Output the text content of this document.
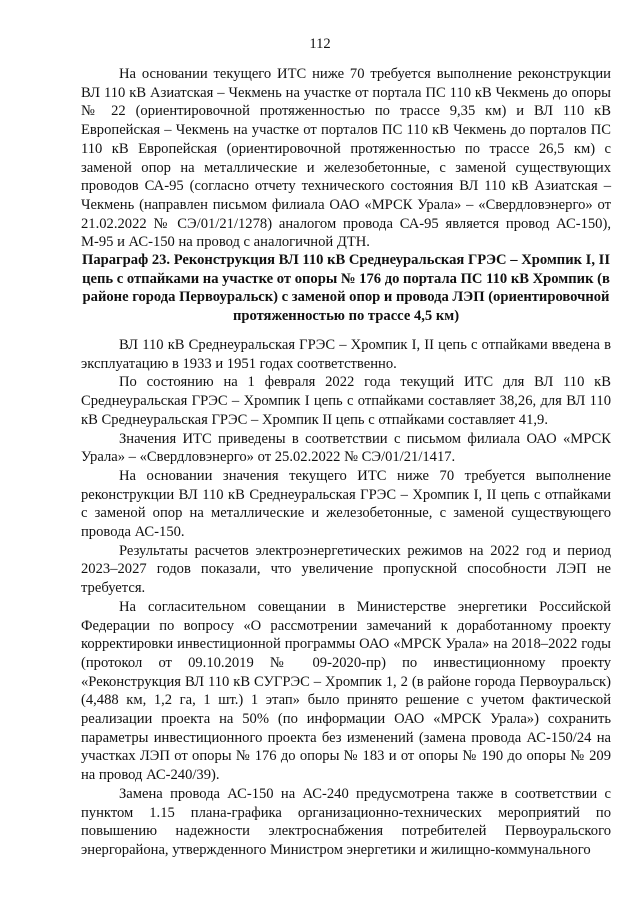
112

На основании текущего ИТС ниже 70 требуется выполнение реконструкции ВЛ 110 кВ Азиатская – Чекмень на участке от портала ПС 110 кВ Чекмень до опоры № 22 (ориентировочной протяженностью по трассе 9,35 км) и ВЛ 110 кВ Европейская – Чекмень на участке от порталов ПС 110 кВ Чекмень до порталов ПС 110 кВ Европейская (ориентировочной протяженностью по трассе 26,5 км) с заменой опор на металлические и железобетонные, с заменой существующих проводов СА-95 (согласно отчету технического состояния ВЛ 110 кВ Азиатская – Чекмень (направлен письмом филиала ОАО «МРСК Урала» – «Свердловэнерго» от 21.02.2022 № СЭ/01/21/1278) аналогом провода СА-95 является провод АС-150), М-95 и АС-150 на провод с аналогичной ДТН.

Параграф 23. Реконструкция ВЛ 110 кВ Среднеуральская ГРЭС – Хромпик I, II цепь с отпайками на участке от опоры № 176 до портала ПС 110 кВ Хромпик (в районе города Первоуральск) с заменой опор и провода ЛЭП (ориентировочной протяженностью по трассе 4,5 км)

ВЛ 110 кВ Среднеуральская ГРЭС – Хромпик I, II цепь с отпайками введена в эксплуатацию в 1933 и 1951 годах соответственно.

По состоянию на 1 февраля 2022 года текущий ИТС для ВЛ 110 кВ Среднеуральская ГРЭС – Хромпик I цепь с отпайками составляет 38,26, для ВЛ 110 кВ Среднеуральская ГРЭС – Хромпик II цепь с отпайками составляет 41,9.

Значения ИТС приведены в соответствии с письмом филиала ОАО «МРСК Урала» – «Свердловэнерго» от 25.02.2022 № СЭ/01/21/1417.

На основании значения текущего ИТС ниже 70 требуется выполнение реконструкции ВЛ 110 кВ Среднеуральская ГРЭС – Хромпик I, II цепь с отпайками с заменой опор на металлические и железобетонные, с заменой существующего провода АС-150.

Результаты расчетов электроэнергетических режимов на 2022 год и период 2023–2027 годов показали, что увеличение пропускной способности ЛЭП не требуется.

На согласительном совещании в Министерстве энергетики Российской Федерации по вопросу «О рассмотрении замечаний к доработанному проекту корректировки инвестиционной программы ОАО «МРСК Урала» на 2018–2022 годы (протокол от 09.10.2019 № 09-2020-пр) по инвестиционному проекту «Реконструкция ВЛ 110 кВ СУГРЭС – Хромпик 1, 2 (в районе города Первоуральск) (4,488 км, 1,2 га, 1 шт.) 1 этап» было принято решение с учетом фактической реализации проекта на 50% (по информации ОАО «МРСК Урала») сохранить параметры инвестиционного проекта без изменений (замена провода АС-150/24 на участках ЛЭП от опоры № 176 до опоры № 183 и от опоры № 190 до опоры № 209 на провод АС-240/39).

Замена провода АС-150 на АС-240 предусмотрена также в соответствии с пунктом 1.15 плана-графика организационно-технических мероприятий по повышению надежности электроснабжения потребителей Первоуральского энергорайона, утвержденного Министром энергетики и жилищно-коммунального
